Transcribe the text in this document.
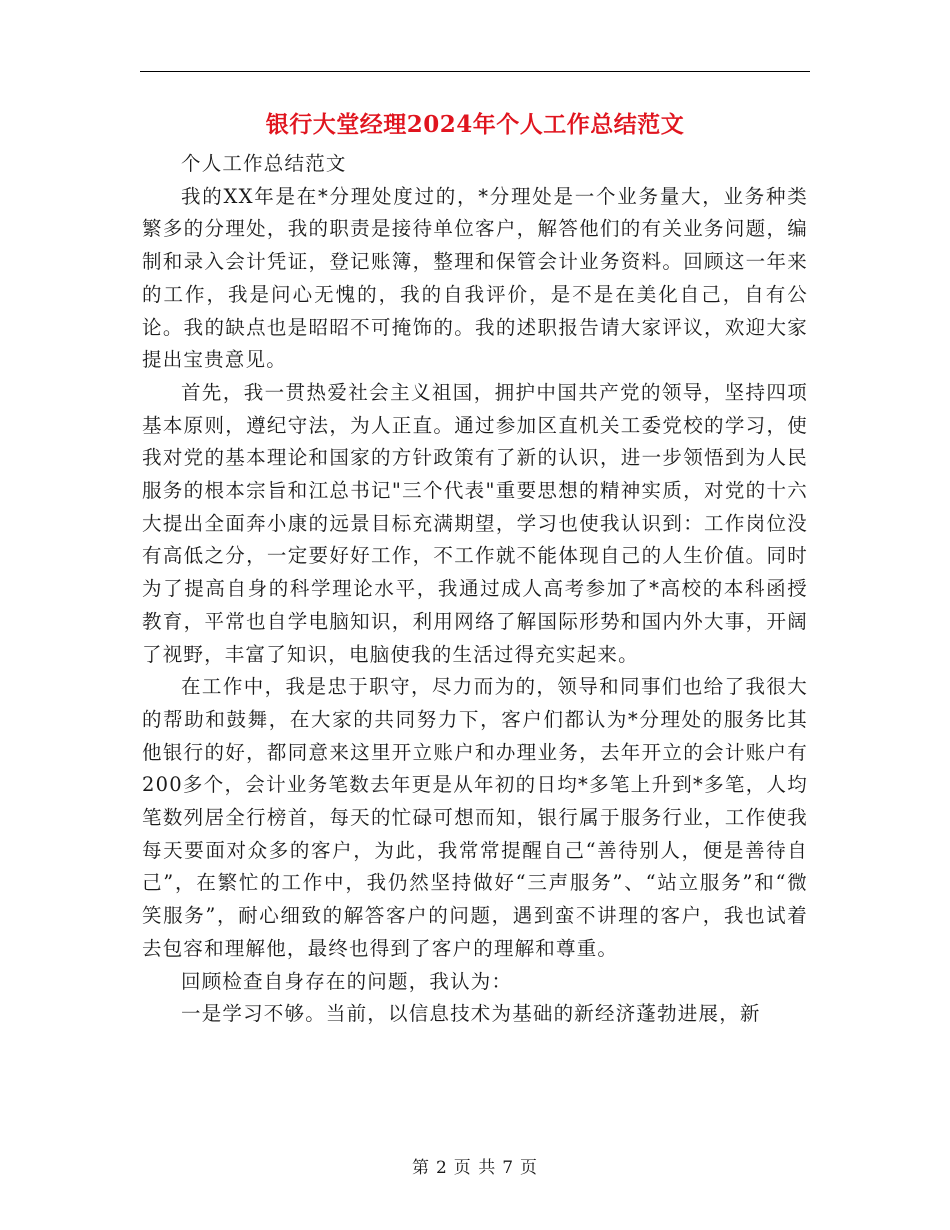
银行大堂经理2024年个人工作总结范文

个人工作总结范文

我的XX年是在*分理处度过的，*分理处是一个业务量大，业务种类繁多的分理处，我的职责是接待单位客户，解答他们的有关业务问题，编制和录入会计凭证，登记账簿，整理和保管会计业务资料。回顾这一年来的工作，我是问心无愧的，我的自我评价，是不是在美化自己，自有公论。我的缺点也是昭昭不可掩饰的。我的述职报告请大家评议，欢迎大家提出宝贵意见。

首先，我一贯热爱社会主义祖国，拥护中国共产党的领导，坚持四项基本原则，遵纪守法，为人正直。通过参加区直机关工委党校的学习，使我对党的基本理论和国家的方针政策有了新的认识，进一步领悟到为人民服务的根本宗旨和江总书记"三个代表"重要思想的精神实质，对党的十六大提出全面奔小康的远景目标充满期望，学习也使我认识到：工作岗位没有高低之分，一定要好好工作，不工作就不能体现自己的人生价值。同时为了提高自身的科学理论水平，我通过成人高考参加了*高校的本科函授教育，平常也自学电脑知识，利用网络了解国际形势和国内外大事，开阔了视野，丰富了知识，电脑使我的生活过得充实起来。

在工作中，我是忠于职守，尽力而为的，领导和同事们也给了我很大的帮助和鼓舞，在大家的共同努力下，客户们都认为*分理处的服务比其他银行的好，都同意来这里开立账户和办理业务，去年开立的会计账户有200多个，会计业务笔数去年更是从年初的日均*多笔上升到*多笔，人均笔数列居全行榜首，每天的忙碌可想而知，银行属于服务行业，工作使我每天要面对众多的客户，为此，我常常提醒自己“善待别人，便是善待自己”，在繁忙的工作中，我仍然坚持做好“三声服务”、“站立服务”和“微笑服务”，耐心细致的解答客户的问题，遇到蛮不讲理的客户，我也试着去包容和理解他，最终也得到了客户的理解和尊重。

回顾检查自身存在的问题，我认为：

一是学习不够。当前，以信息技术为基础的新经济蓬勃进展，新

第 2 页 共 7 页
